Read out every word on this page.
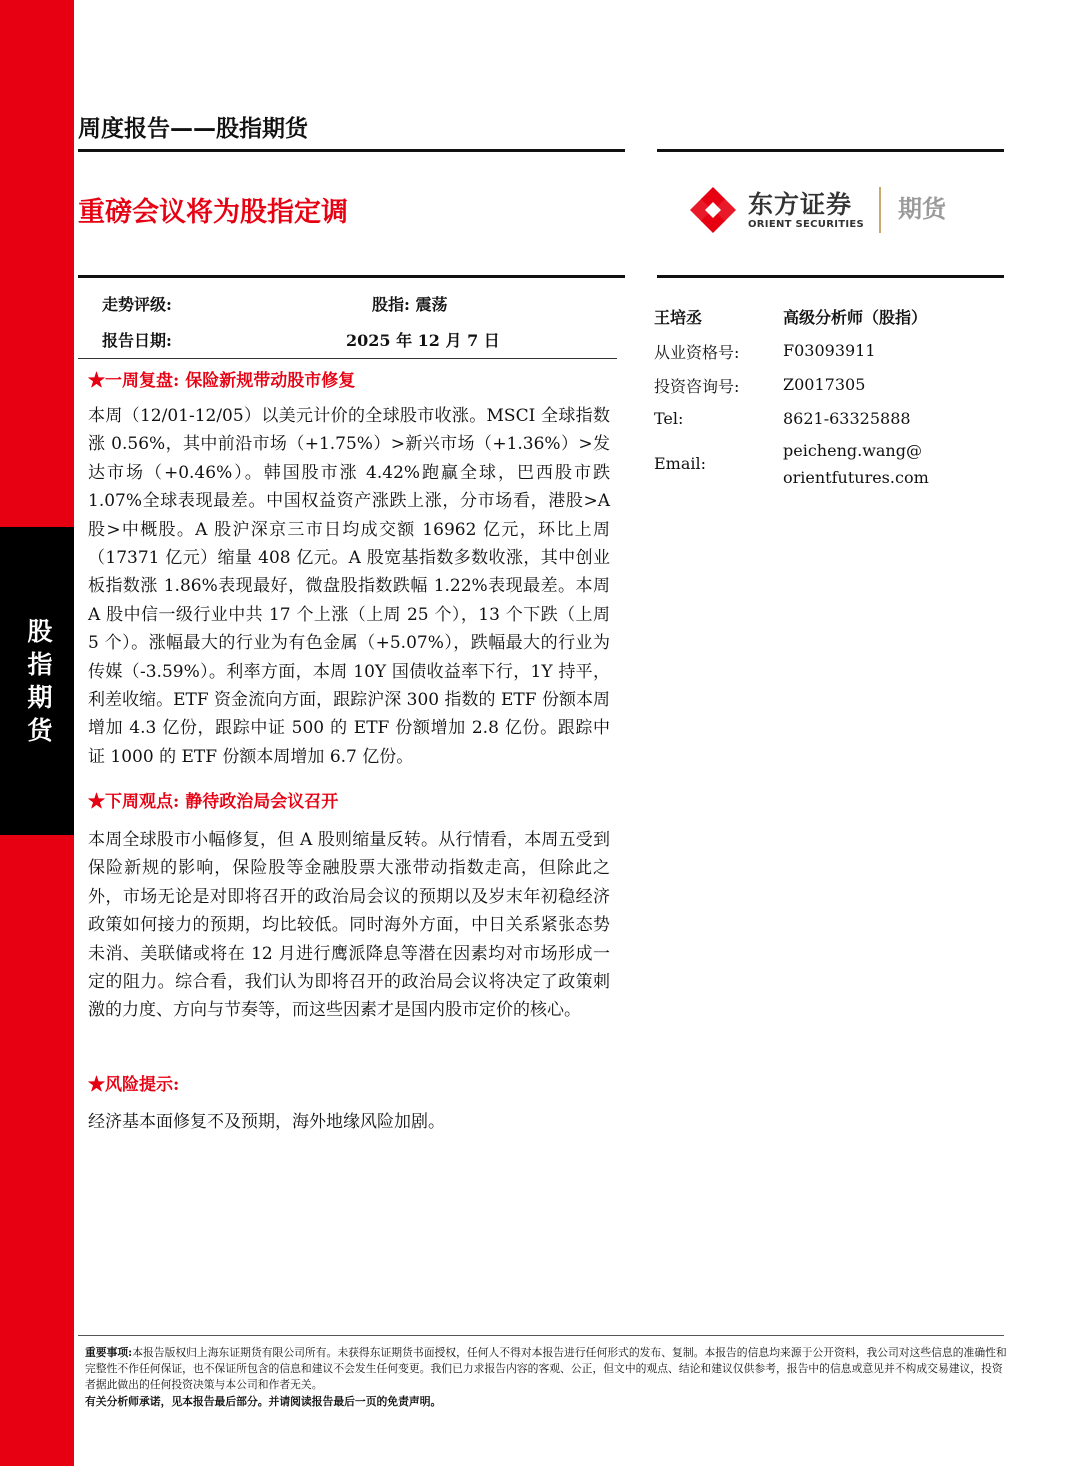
股
指
期
货
周度报告——股指期货
重磅会议将为股指定调	东方证券
ORIENT SECURITIES
期货
走势评级:	股指: 震荡
报告日期:	2025 年 12 月 7 日
★一周复盘: 保险新规带动股市修复
本周（12/01-12/05）以美元计价的全球股市收涨。MSCI 全球指数涨 0.56%，其中前沿市场（+1.75%）>新兴市场（+1.36%）>发达市场（+0.46%）。韩国股市涨 4.42%跑赢全球，巴西股市跌 1.07%全球表现最差。中国权益资产涨跌上涨，分市场看，港股>A 股>中概股。A 股沪深京三市日均成交额 16962 亿元，环比上周（17371 亿元）缩量 408 亿元。A 股宽基指数多数收涨，其中创业板指数涨 1.86%表现最好，微盘股指数跌幅 1.22%表现最差。本周 A 股中信一级行业中共 17 个上涨（上周 25 个），13 个下跌（上周 5 个）。涨幅最大的行业为有色金属（+5.07%），跌幅最大的行业为传媒（-3.59%）。利率方面，本周 10Y 国债收益率下行，1Y 持平，利差收缩。ETF 资金流向方面，跟踪沪深 300 指数的 ETF 份额本周增加 4.3 亿份，跟踪中证 500 的 ETF 份额增加 2.8 亿份。跟踪中证 1000 的 ETF 份额本周增加 6.7 亿份。
★下周观点: 静待政治局会议召开
本周全球股市小幅修复，但 A 股则缩量反转。从行情看，本周五受到保险新规的影响，保险股等金融股票大涨带动指数走高，但除此之外，市场无论是对即将召开的政治局会议的预期以及岁末年初稳经济政策如何接力的预期，均比较低。同时海外方面，中日关系紧张态势未消、美联储或将在 12 月进行鹰派降息等潜在因素均对市场形成一定的阻力。综合看，我们认为即将召开的政治局会议将决定了政策刺激的力度、方向与节奏等，而这些因素才是国内股市定价的核心。
★风险提示:
经济基本面修复不及预期，海外地缘风险加剧。
王培丞	高级分析师（股指）
从业资格号:	F03093911
投资咨询号:	Z0017305
Tel:	8621-63325888
Email:
peicheng.wang@
orientfutures.com
重要事项:本报告版权归上海东证期货有限公司所有。未获得东证期货书面授权，任何人不得对本报告进行任何形式的发布、复制。本报告的信息均来源于公开资料，我公司对这些信息的准确性和完整性不作任何保证，也不保证所包含的信息和建议不会发生任何变更。我们已力求报告内容的客观、公正，但文中的观点、结论和建议仅供参考，报告中的信息或意见并不构成交易建议，投资者据此做出的任何投资决策与本公司和作者无关。
有关分析师承诺，见本报告最后部分。并请阅读报告最后一页的免责声明。
